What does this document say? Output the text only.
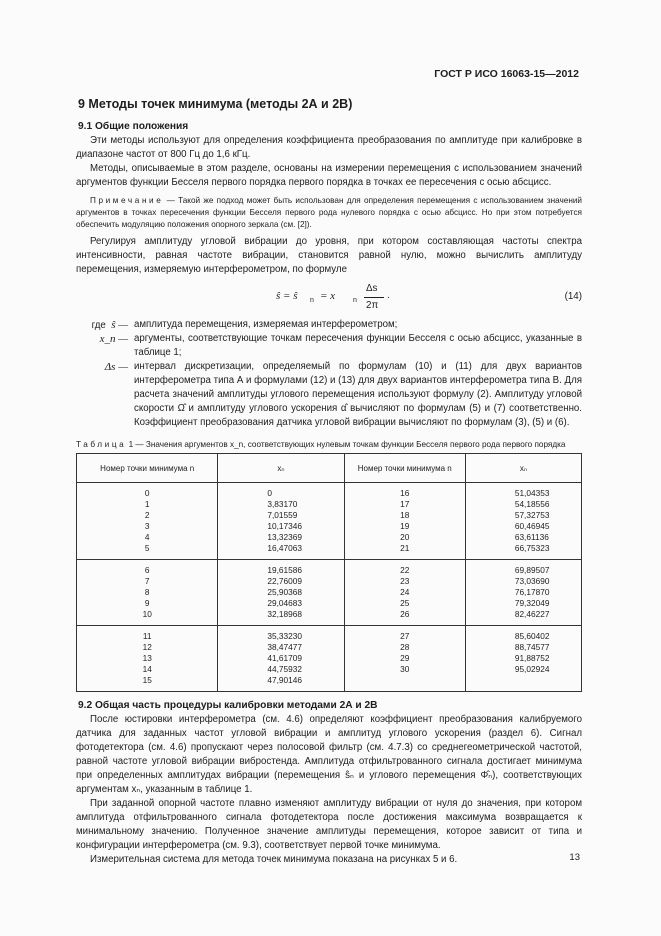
ГОСТ Р ИСО 16063-15—2012
9 Методы точек минимума (методы 2А и 2В)
9.1 Общие положения

Эти методы используют для определения коэффициента преобразования по амплитуде при калибровке в диапазоне частот от 800 Гц до 1,6 кГц.

Методы, описываемые в этом разделе, основаны на измерении перемещения с использованием значений аргументов функции Бесселя первого порядка первого порядка в точках ее пересечения с осью абсцисс.

Примечание — Такой же подход может быть использован для определения перемещения с использованием значений аргументов в точках пересечения функции Бесселя первого рода нулевого порядка с осью абсцисс. Но при этом потребуется обеспечить модуляцию положения опорного зеркала (см. [2]).

Регулируя амплитуду угловой вибрации до уровня, при котором составляющая частоты спектра интенсивности, равная частоте вибрации, становится равной нулю, можно вычислить амплитуду перемещения, измеряемую интерферометром, по формуле

ŝ = ŝ n = x	n
Δs
2π
.	(14)
где ŝ — амплитуда перемещения, измеряемая интерферометром;
x_n — аргументы, соответствующие точкам пересечения функции Бесселя с осью абсцисс, указанные в таблице 1;
Δs — интервал дискретизации, определяемый по формулам (10) и (11) для двух вариантов интерферометра типа А и формулами (12) и (13) для двух вариантов интерферометра типа В. Для расчета значений амплитуды углового перемещения используют формулу (2). Амплитуду угловой скорости Ω̂ и амплитуду углового ускорения α̂ вычисляют по формулам (5) и (7) соответственно. Коэффициент преобразования датчика угловой вибрации вычисляют по формулам (3), (5) и (6).
Таблица 1 — Значения аргументов x_n, соответствующих нулевым точкам функции Бесселя первого рода первого порядка
Номер точки минимума n	xₙ	Номер точки минимума n	xₙ
0	0	16	51,04353
1	3,83170	17	54,18556
2	7,01559	18	57,32753
3	10,17346	19	60,46945
4	13,32369	20	63,61136
5	16,47063	21	66,75323
6	19,61586	22	69,89507
7	22,76009	23	73,03690
8	25,90368	24	76,17870
9	29,04683	25	79,32049
10	32,18968	26	82,46227
11	35,33230	27	85,60402
12	38,47477	28	88,74577
13	41,61709	29	91,88752
14	44,75932	30	95,02924
15	47,90146		
9.2 Общая часть процедуры калибровки методами 2А и 2В

После юстировки интерферометра (см. 4.6) определяют коэффициент преобразования калибруемого датчика для заданных частот угловой вибрации и амплитуд углового ускорения (раздел 6). Сигнал фотодетектора (см. 4.6) пропускают через полосовой фильтр (см. 4.7.3) со среднегеометрической частотой, равной частоте угловой вибрации вибростенда. Амплитуда отфильтрованного сигнала достигает минимума при определенных амплитудах вибрации (перемещения ŝₙ и углового перемещения Φ̂ₙ), соответствующих аргументам xₙ, указанным в таблице 1.

При заданной опорной частоте плавно изменяют амплитуду вибрации от нуля до значения, при котором амплитуда отфильтрованного сигнала фотодетектора после достижения максимума возвращается к минимальному значению. Полученное значение амплитуды перемещения, которое зависит от типа и конфигурации интерферометра (см. 9.3), соответствует первой точке минимума.

Измерительная система для метода точек минимума показана на рисунках 5 и 6.	13
